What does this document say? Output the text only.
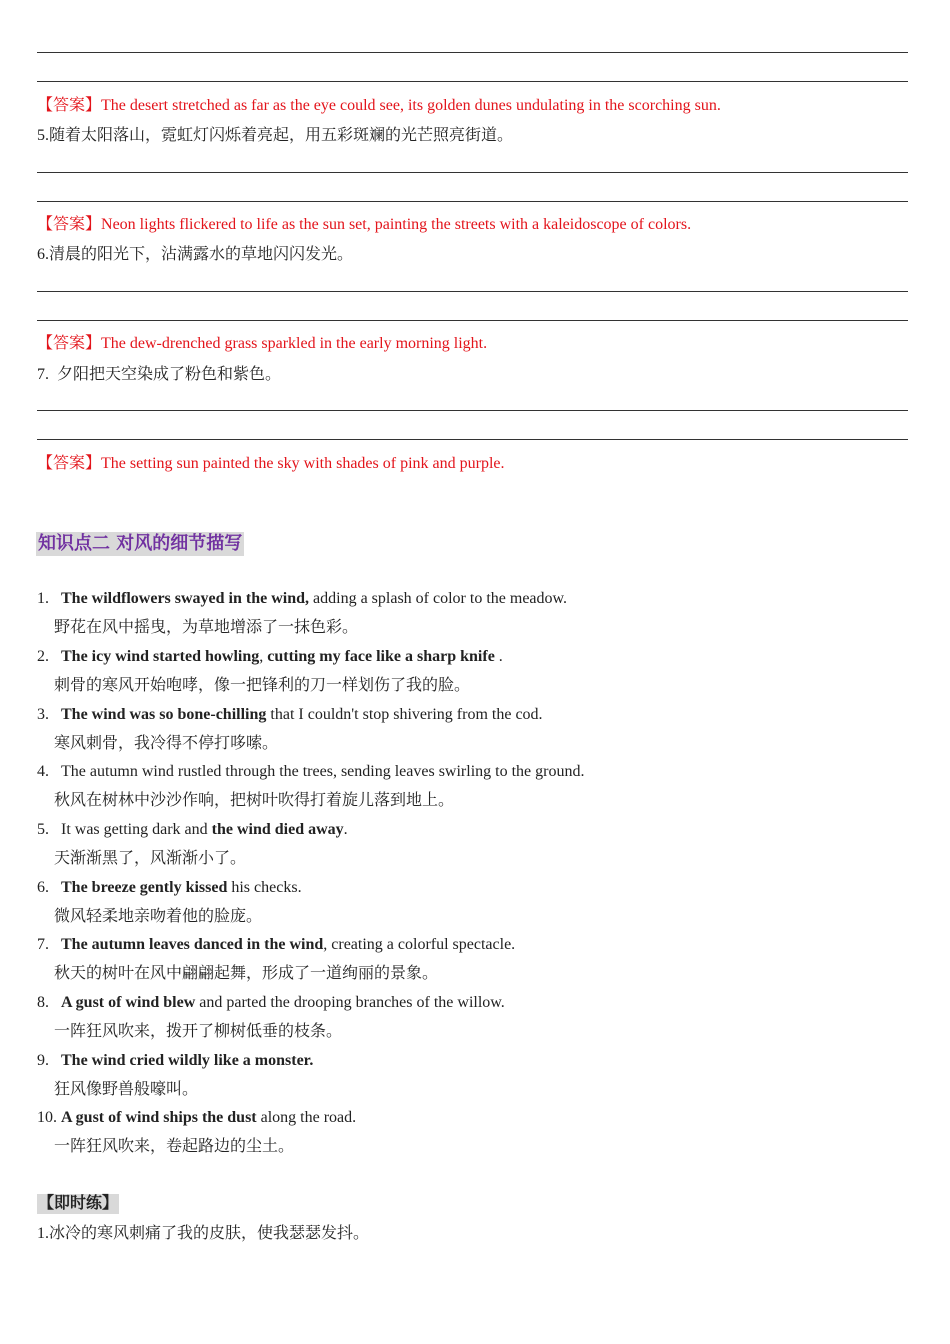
【答案】The desert stretched as far as the eye could see, its golden dunes undulating in the scorching sun.
5.随着太阳落山，霓虹灯闪烁着亮起，用五彩斑斓的光芒照亮街道。
【答案】Neon lights flickered to life as the sun set, painting the streets with a kaleidoscope of colors.
6.清晨的阳光下，沾满露水的草地闪闪发光。
【答案】The dew-drenched grass sparkled in the early morning light.
7.  夕阳把天空染成了粉色和紫色。
【答案】The setting sun painted the sky with shades of pink and purple.
知识点二 对风的细节描写
1. The wildflowers swayed in the wind, adding a splash of color to the meadow.
野花在风中摇曳，为草地增添了一抹色彩。
2. The icy wind started howling, cutting my face like a sharp knife .
刺骨的寒风开始咆哮，像一把锋利的刀一样划伤了我的脸。
3. The wind was so bone-chilling that I couldn't stop shivering from the cod.
寒风刺骨，我冷得不停打哆嗦。
4. The autumn wind rustled through the trees, sending leaves swirling to the ground.
秋风在树林中沙沙作响，把树叶吹得打着旋儿落到地上。
5. It was getting dark and the wind died away.
天渐渐黑了，风渐渐小了。
6. The breeze gently kissed his checks.
微风轻柔地亲吻着他的脸庞。
7. The autumn leaves danced in the wind, creating a colorful spectacle.
秋天的树叶在风中翩翩起舞，形成了一道绚丽的景象。
8. A gust of wind blew and parted the drooping branches of the willow.
一阵狂风吹来，拨开了柳树低垂的枝条。
9. The wind cried wildly like a monster.
狂风像野兽般嚎叫。
10. A gust of wind ships the dust along the road.
一阵狂风吹来，卷起路边的尘土。
【即时练】
1.冰冷的寒风刺痛了我的皮肤，使我瑟瑟发抖。
